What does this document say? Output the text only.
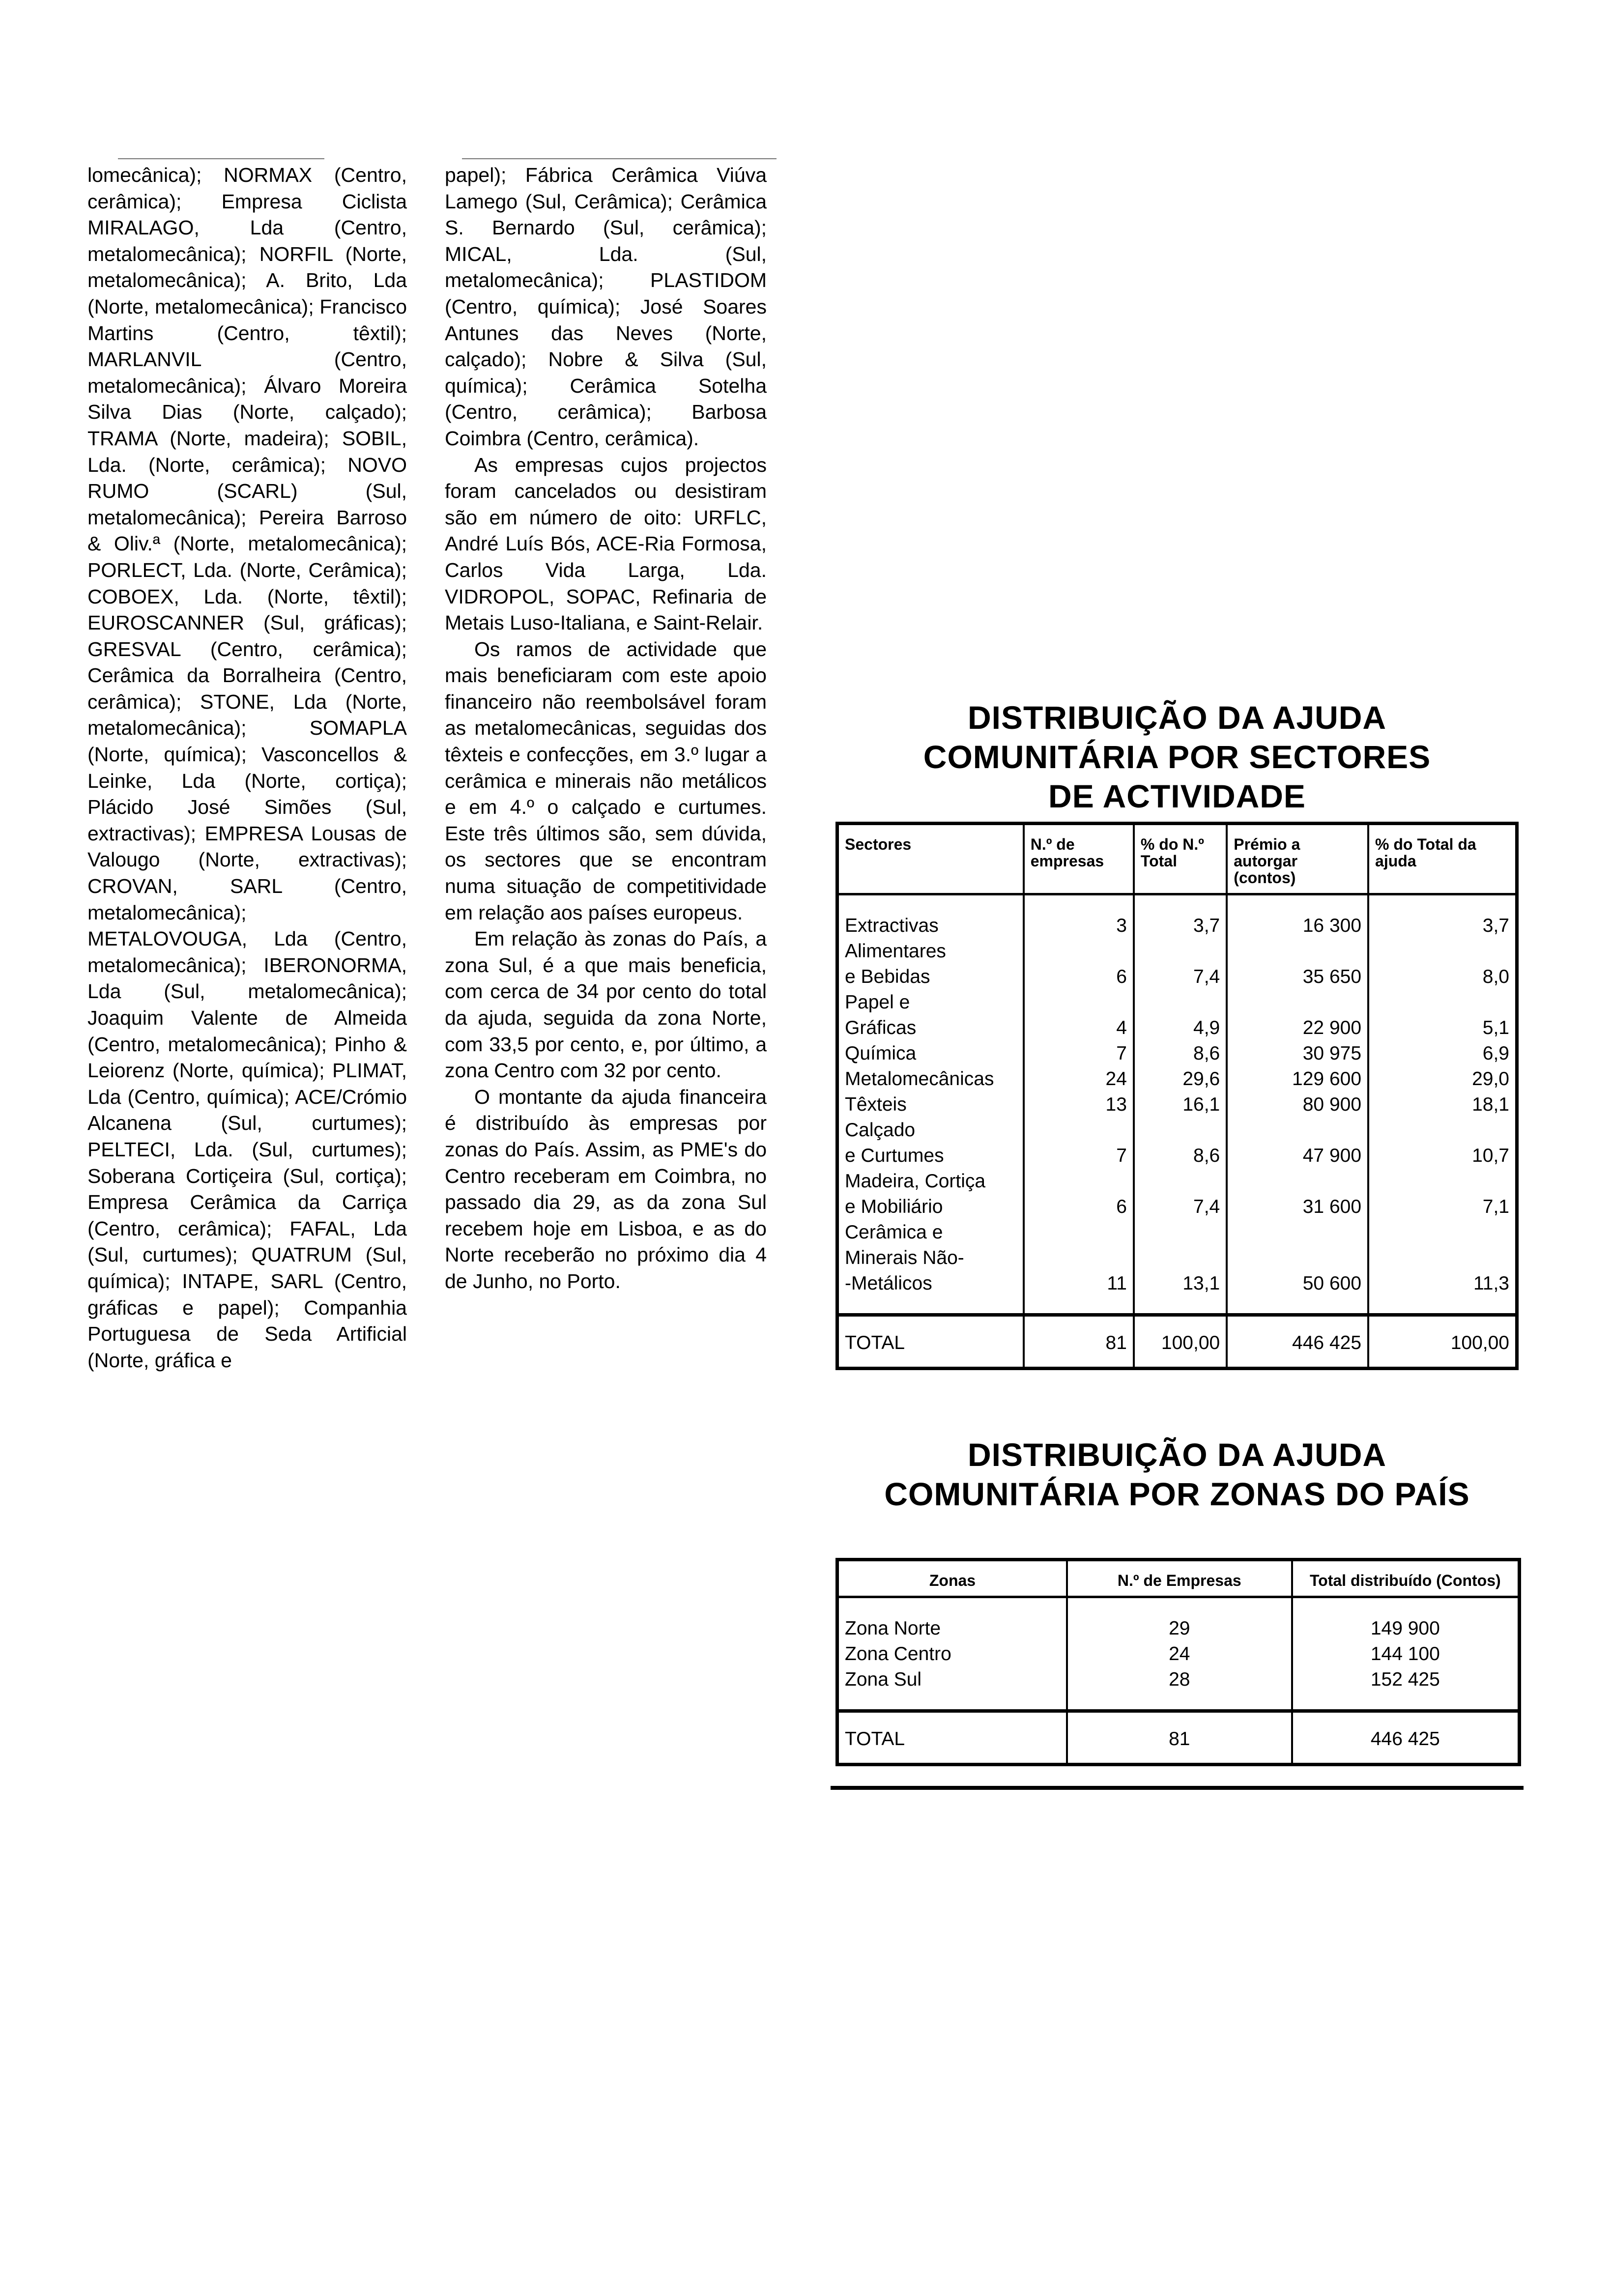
lomecânica); NORMAX (Centro, cerâmica); Empresa Ciclista MIRALAGO, Lda (Centro, metalomecânica); NORFIL (Norte, metalomecânica); A. Brito, Lda (Norte, metalomecânica); Francisco Martins (Centro, têxtil); MARLANVIL (Centro, metalomecânica); Álvaro Moreira Silva Dias (Norte, calçado); TRAMA (Norte, madeira); SOBIL, Lda. (Norte, cerâmica); NOVO RUMO (SCARL) (Sul, metalomecânica); Pereira Barroso & Oliv.ª (Norte, metalomecânica); PORLECT, Lda. (Norte, Cerâmica); COBOEX, Lda. (Norte, têxtil); EUROSCANNER (Sul, gráficas); GRESVAL (Centro, cerâmica); Cerâmica da Borralheira (Centro, cerâmica); STONE, Lda (Norte, metalomecânica); SOMAPLA (Norte, química); Vasconcellos & Leinke, Lda (Norte, cortiça); Plácido José Simões (Sul, extractivas); EMPRESA Lousas de Valougo (Norte, extractivas); CROVAN, SARL (Centro, metalomecânica); METALOVOUGA, Lda (Centro, metalomecânica); IBERONORMA, Lda (Sul, metalomecânica); Joaquim Valente de Almeida (Centro, metalomecânica); Pinho & Leiorenz (Norte, química); PLIMAT, Lda (Centro, química); ACE/Crómio Alcanena (Sul, curtumes); PELTECI, Lda. (Sul, curtumes); Soberana Cortiçeira (Sul, cortiça); Empresa Cerâmica da Carriça (Centro, cerâmica); FAFAL, Lda (Sul, curtumes); QUATRUM (Sul, química); INTAPE, SARL (Centro, gráficas e papel); Companhia Portuguesa de Seda Artificial (Norte, gráfica e

papel); Fábrica Cerâmica Viúva Lamego (Sul, Cerâmica); Cerâmica S. Bernardo (Sul, cerâmica); MICAL, Lda. (Sul, metalomecânica); PLASTIDOM (Centro, química); José Soares Antunes das Neves (Norte, calçado); Nobre & Silva (Sul, química); Cerâmica Sotelha (Centro, cerâmica); Barbosa Coimbra (Centro, cerâmica).

As empresas cujos projectos foram cancelados ou desistiram são em número de oito: URFLC, André Luís Bós, ACE-Ria Formosa, Carlos Vida Larga, Lda. VIDROPOL, SOPAC, Refinaria de Metais Luso-Italiana, e Saint-Relair.

Os ramos de actividade que mais beneficiaram com este apoio financeiro não reembolsável foram as metalomecânicas, seguidas dos têxteis e confecções, em 3.º lugar a cerâmica e minerais não metálicos e em 4.º o calçado e curtumes. Este três últimos são, sem dúvida, os sectores que se encontram numa situação de competitividade em relação aos países europeus.

Em relação às zonas do País, a zona Sul, é a que mais beneficia, com cerca de 34 por cento do total da ajuda, seguida da zona Norte, com 33,5 por cento, e, por último, a zona Centro com 32 por cento.

O montante da ajuda financeira é distribuído às empresas por zonas do País. Assim, as PME's do Centro receberam em Coimbra, no passado dia 29, as da zona Sul recebem hoje em Lisboa, e as do Norte receberão no próximo dia 4 de Junho, no Porto.

DISTRIBUIÇÃO DA AJUDA
COMUNITÁRIA POR SECTORES
DE ACTIVIDADE
Sectores	N.º de empresas	% do N.º Total	Prémio a autorgar (contos)	% do Total da ajuda
Extractivas	3	3,7	16 300	3,7
Alimentares
e Bebidas	6	7,4	35 650	8,0
Papel e
Gráficas	4	4,9	22 900	5,1
Química	7	8,6	30 975	6,9
Metalomecânicas	24	29,6	129 600	29,0
Têxteis	13	16,1	80 900	18,1
Calçado
e Curtumes	7	8,6	47 900	10,7
Madeira, Cortiça
e Mobiliário	6	7,4	31 600	7,1
Cerâmica e
Minerais Não-
-Metálicos	11	13,1	50 600	11,3
TOTAL	81	100,00	446 425	100,00
DISTRIBUIÇÃO DA AJUDA
COMUNITÁRIA POR ZONAS DO PAÍS
Zonas	N.º de Empresas	Total distribuído (Contos)
Zona Norte	29	149 900
Zona Centro	24	144 100
Zona Sul	28	152 425
TOTAL	81	446 425
